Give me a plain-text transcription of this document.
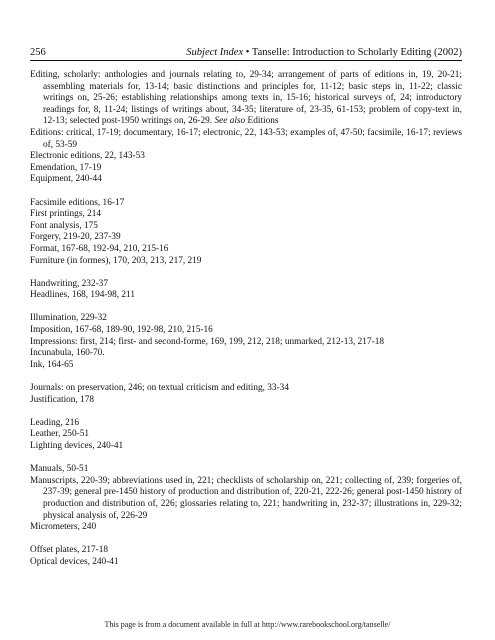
256	Subject Index • Tanselle: Introduction to Scholarly Editing (2002)

Editing, scholarly: anthologies and journals relating to, 29-34; arrangement of parts of editions in, 19, 20-21; assembling materials for, 13-14; basic distinctions and principles for, 11-12; basic steps in, 11-22; classic writings on, 25-26; establishing relationships among texts in, 15-16; historical surveys of, 24; introductory readings for, 8, 11-24; listings of writings about, 34-35; literature of, 23-35, 61-153; problem of copy-text in, 12-13; selected post-1950 writings on, 26-29. See also Editions

Editions: critical, 17-19; documentary, 16-17; electronic, 22, 143-53; examples of, 47-50; facsimile, 16-17; reviews of, 53-59

Electronic editions, 22, 143-53

Emendation, 17-19

Equipment, 240-44

Facsimile editions, 16-17

First printings, 214

Font analysis, 175

Forgery, 219-20, 237-39

Format, 167-68, 192-94, 210, 215-16

Furniture (in formes), 170, 203, 213, 217, 219

Handwriting, 232-37

Headlines, 168, 194-98, 211

Illumination, 229-32

Imposition, 167-68, 189-90, 192-98, 210, 215-16

Impressions: first, 214; first- and second-forme, 169, 199, 212, 218; unmarked, 212-13, 217-18

Incunabula, 160-70.

Ink, 164-65

Journals: on preservation, 246; on textual criticism and editing, 33-34

Justification, 178

Leading, 216

Leather, 250-51

Lighting devices, 240-41

Manuals, 50-51

Manuscripts, 220-39; abbreviations used in, 221; checklists of scholarship on, 221; collecting of, 239; forgeries of, 237-39; general pre-1450 history of production and distribution of, 220-21, 222-26; general post-1450 history of production and distribution of, 226; glossaries relating to, 221; handwriting in, 232-37; illustrations in, 229-32; physical analysis of, 226-29

Micrometers, 240

Offset plates, 217-18

Optical devices, 240-41

This page is from a document available in full at http://www.rarebookschool.org/tanselle/
